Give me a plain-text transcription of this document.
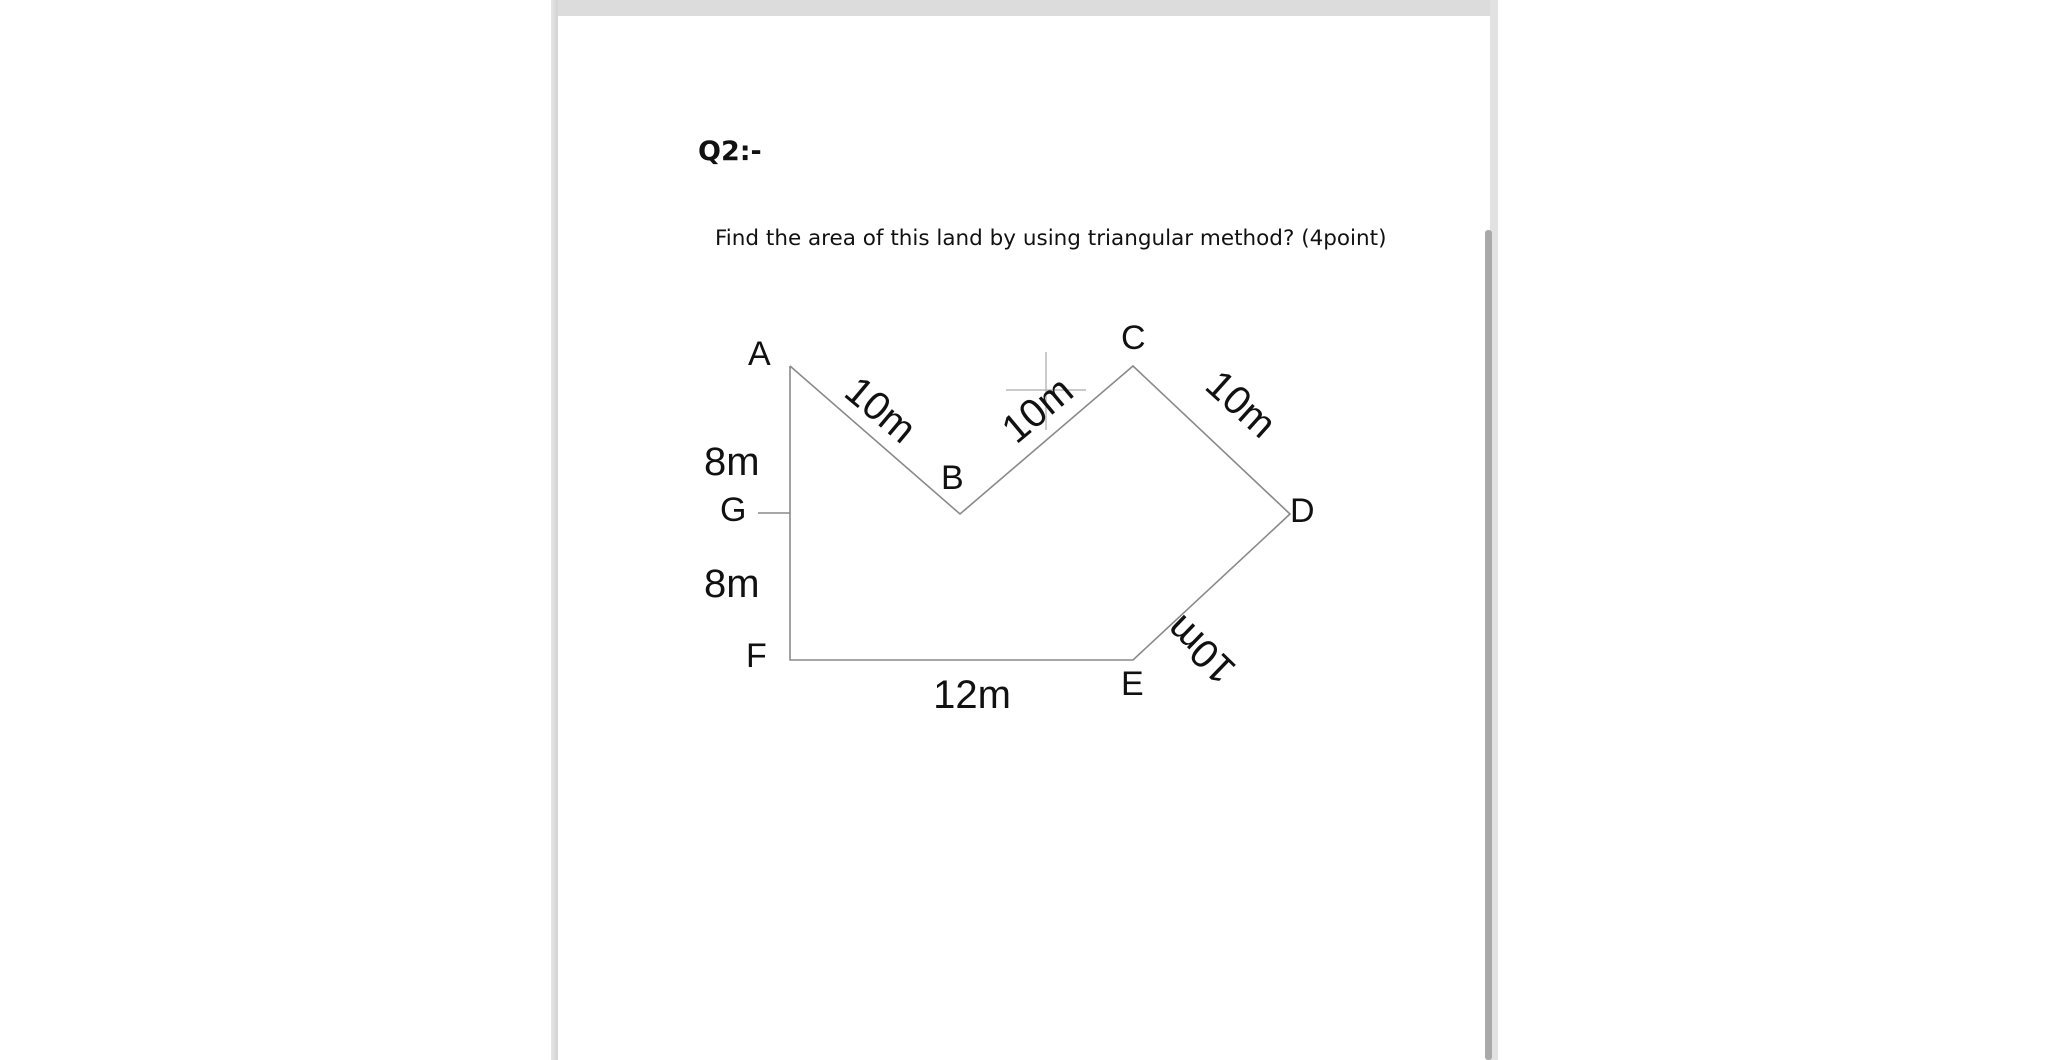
Q2:-
Find the area of this land by using triangular method? (4point)
A
B
C
D
E
F
G
10m 10m	10m
10m
12m
8m
8m
